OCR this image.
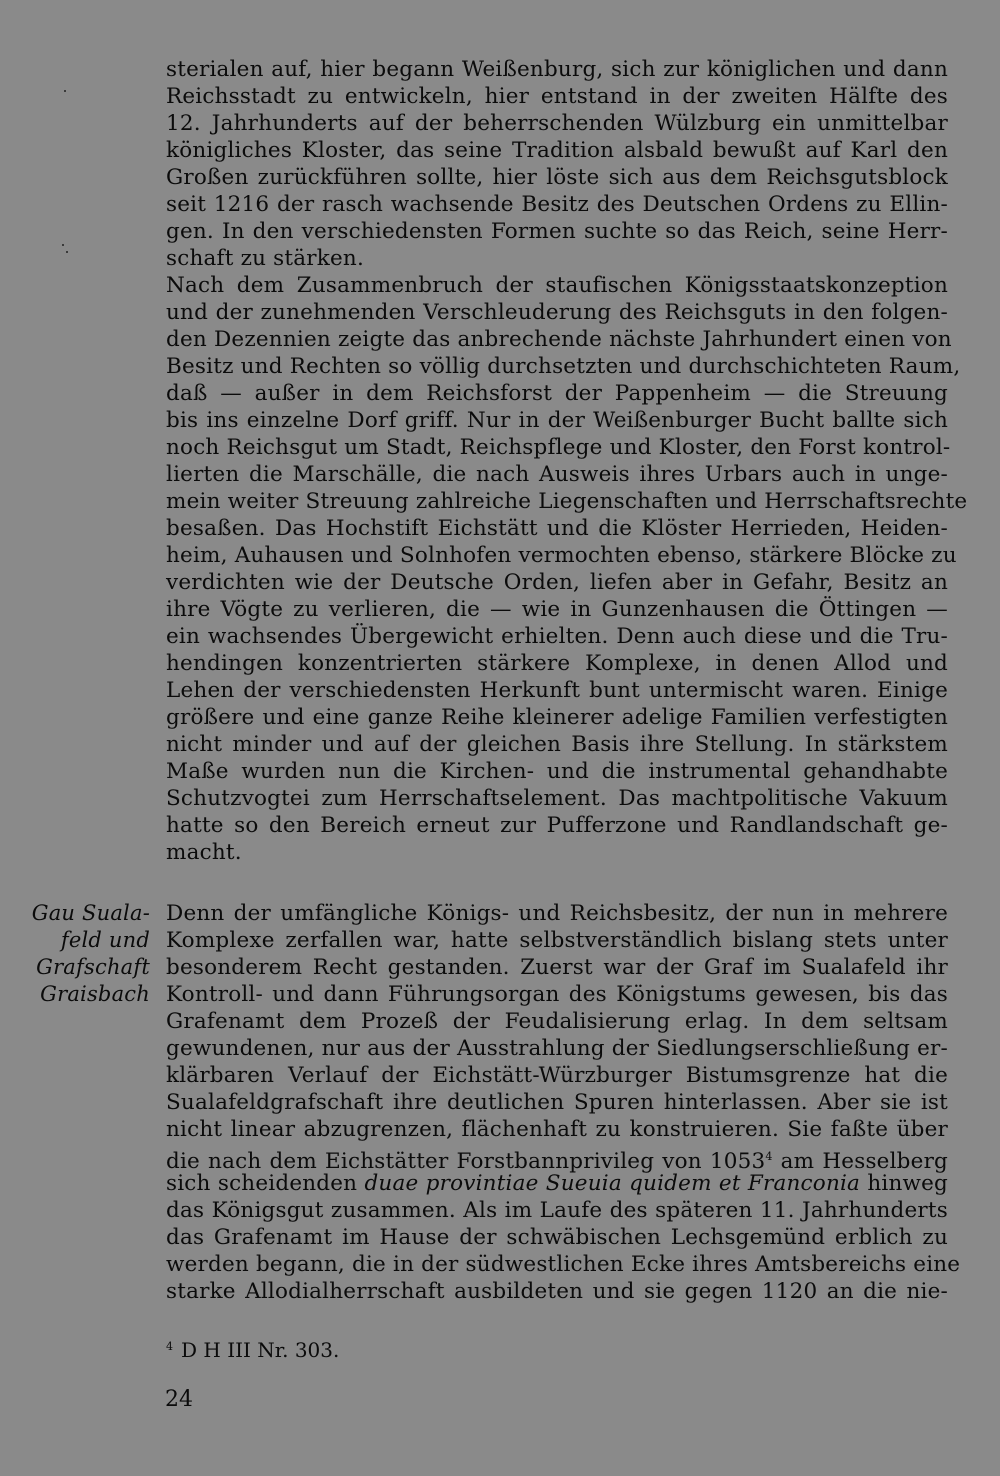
sterialen auf, hier begann Weißenburg, sich zur königlichen und dann
Reichsstadt zu entwickeln, hier entstand in der zweiten Hälfte des
12. Jahrhunderts auf der beherrschenden Wülzburg ein unmittelbar
königliches Kloster, das seine Tradition alsbald bewußt auf Karl den
Großen zurückführen sollte, hier löste sich aus dem Reichsgutsblock
seit 1216 der rasch wachsende Besitz des Deutschen Ordens zu Ellin-
gen. In den verschiedensten Formen suchte so das Reich, seine Herr-
schaft zu stärken.
Nach dem Zusammenbruch der staufischen Königsstaatskonzeption
und der zunehmenden Verschleuderung des Reichsguts in den folgen-
den Dezennien zeigte das anbrechende nächste Jahrhundert einen von
Besitz und Rechten so völlig durchsetzten und durchschichteten Raum,
daß — außer in dem Reichsforst der Pappenheim — die Streuung
bis ins einzelne Dorf griff. Nur in der Weißenburger Bucht ballte sich
noch Reichsgut um Stadt, Reichspflege und Kloster, den Forst kontrol-
lierten die Marschälle, die nach Ausweis ihres Urbars auch in unge-
mein weiter Streuung zahlreiche Liegenschaften und Herrschaftsrechte
besaßen. Das Hochstift Eichstätt und die Klöster Herrieden, Heiden-
heim, Auhausen und Solnhofen vermochten ebenso, stärkere Blöcke zu
verdichten wie der Deutsche Orden, liefen aber in Gefahr, Besitz an
ihre Vögte zu verlieren, die — wie in Gunzenhausen die Öttingen —
ein wachsendes Übergewicht erhielten. Denn auch diese und die Tru-
hendingen konzentrierten stärkere Komplexe, in denen Allod und
Lehen der verschiedensten Herkunft bunt untermischt waren. Einige
größere und eine ganze Reihe kleinerer adelige Familien verfestigten
nicht minder und auf der gleichen Basis ihre Stellung. In stärkstem
Maße wurden nun die Kirchen- und die instrumental gehandhabte
Schutzvogtei zum Herrschaftselement. Das machtpolitische Vakuum
hatte so den Bereich erneut zur Pufferzone und Randlandschaft ge-
macht.
Denn der umfängliche Königs- und Reichsbesitz, der nun in mehrere
Komplexe zerfallen war, hatte selbstverständlich bislang stets unter
besonderem Recht gestanden. Zuerst war der Graf im Sualafeld ihr
Kontroll- und dann Führungsorgan des Königstums gewesen, bis das
Grafenamt dem Prozeß der Feudalisierung erlag. In dem seltsam
gewundenen, nur aus der Ausstrahlung der Siedlungserschließung er-
klärbaren Verlauf der Eichstätt-Würzburger Bistumsgrenze hat die
Sualafeldgrafschaft ihre deutlichen Spuren hinterlassen. Aber sie ist
nicht linear abzugrenzen, flächenhaft zu konstruieren. Sie faßte über
die nach dem Eichstätter Forstbannprivileg von 1053$^4$ am Hesselberg
sich scheidenden duae provintiae Sueuia quidem et Franconia hinweg
das Königsgut zusammen. Als im Laufe des späteren 11. Jahrhunderts
das Grafenamt im Hause der schwäbischen Lechsgemünd erblich zu
werden begann, die in der südwestlichen Ecke ihres Amtsbereichs eine
starke Allodialherrschaft ausbildeten und sie gegen 1120 an die nie-
Gau Suala-
feld und
Grafschaft
Graisbach
$^4$ D H III Nr. 303.
24
